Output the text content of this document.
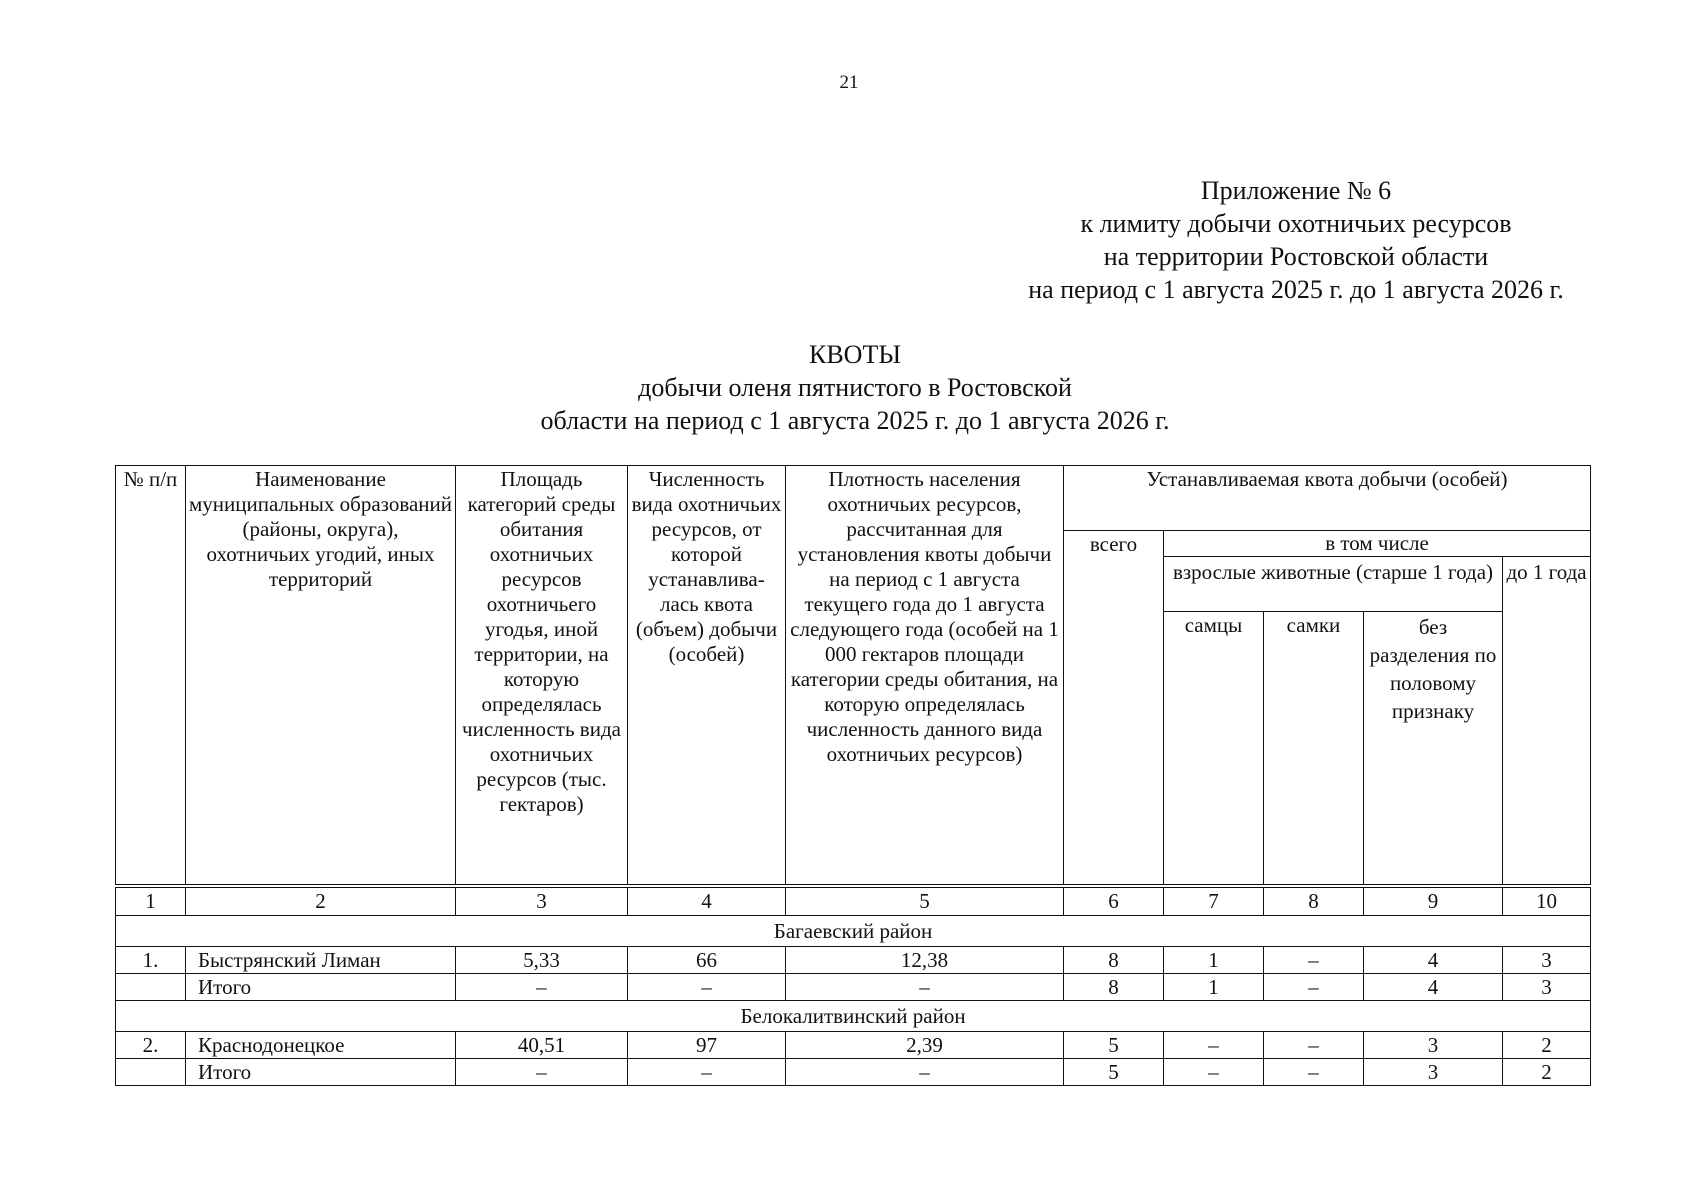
21
Приложение № 6
к лимиту добычи охотничьих ресурсов
на территории Ростовской области
на период с 1 августа 2025 г. до 1 августа 2026 г.
КВОТЫ
добычи оленя пятнистого в Ростовской
области на период с 1 августа 2025 г. до 1 августа 2026 г.
№ п/п	Наименование муниципальных образований (районы, округа), охотничьих угодий, иных территорий	Площадь категорий среды обитания охотничьих ресурсов охотничьего угодья, иной территории, на которую определялась численность вида охотничьих ресурсов (тыс. гектаров)	Численность вида охотничьих ресурсов, от которой устанавлива-лась квота (объем) добычи (особей)	Плотность населения охотничьих ресурсов, рассчитанная для установления квоты добычи на период с 1 августа текущего года до 1 августа следующего года (особей на 1 000 гектаров площади категории среды обитания, на которую определялась численность данного вида охотничьих ресурсов)	Устанавливаемая квота добычи (особей)				
					всего	в том числе			
						взрослые животные (старше 1 года)			до 1 года
						самцы	самки	без разделения по половому признаку	
1	2	3	4	5	6	7	8	9	10
Багаевский район									
1.	Быстрянский Лиман	5,33	66	12,38	8	1	–	4	3
	Итого	–	–	–	8	1	–	4	3
Белокалитвинский район									
2.	Краснодонецкое	40,51	97	2,39	5	–	–	3	2
	Итого	–	–	–	5	–	–	3	2
